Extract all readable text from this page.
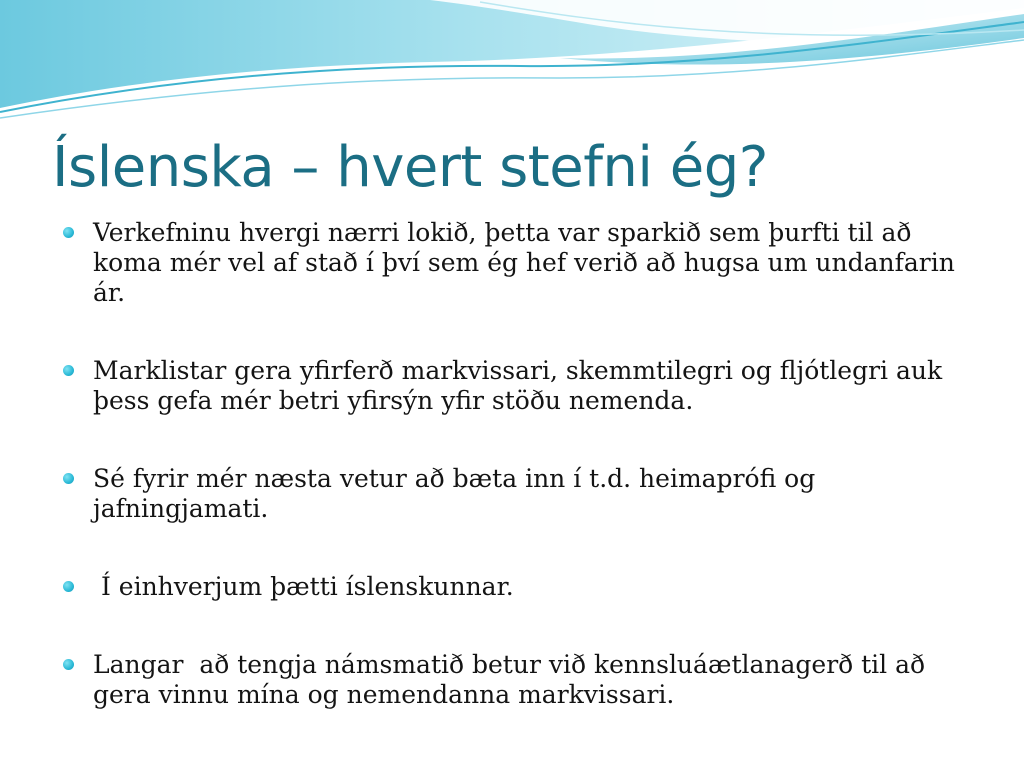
Íslenska – hvert stefni ég?
Verkefninu hvergi nærri lokið, þetta var sparkið sem þurfti til að koma mér vel af stað í því sem ég hef verið að hugsa um undanfarin ár.
Marklistar gera yfirferð markvissari, skemmtilegri og fljótlegri auk þess gefa mér betri yfirsýn yfir stöðu nemenda.
Sé fyrir mér næsta vetur að bæta inn í t.d. heimaprófi og jafningjamati.
Í einhverjum þætti íslenskunnar.
Langar  að tengja námsmatið betur við kennsluáætlanagerð til að gera vinnu mína og nemendanna markvissari.
